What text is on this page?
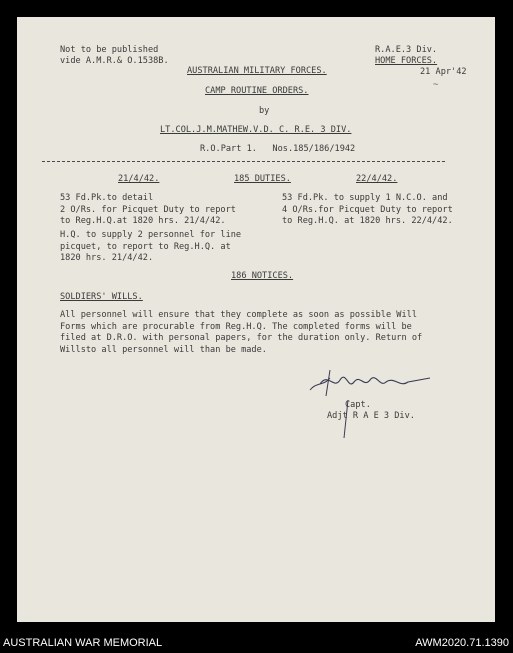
Not to be published
vide A.M.R.& O.1538B.
R.A.E.3 Div.
HOME FORCES.
21 Apr'42
AUSTRALIAN MILITARY FORCES.
CAMP ROUTINE ORDERS.
by
LT.COL.J.M.MATHEW.V.D. C. R.E. 3 DIV.
R.O.Part 1.   Nos.185/186/1942
21/4/42.	185 DUTIES.	22/4/42.
53 Fd.Pk.to detail
2 O/Rs. for Picquet Duty to report
to Reg.H.Q.at 1820 hrs. 21/4/42.
53 Fd.Pk. to supply 1 N.C.O. and
4 O/Rs.for Picquet Duty to report
to Reg.H.Q. at 1820 hrs. 22/4/42.
H.Q. to supply 2 personnel for line
picquet, to report to Reg.H.Q. at
1820 hrs. 21/4/42.
186 NOTICES.
SOLDIERS' WILLS.
All personnel will ensure that they complete as soon as possible Will
Forms which are procurable from Reg.H.Q. The completed forms will be
filed at D.R.O. with personal papers, for the duration only. Return of
Willsto all personnel will than be made.
Capt.
Adjt R A E 3 Div.
~
AUSTRALIAN WAR MEMORIAL	AWM2020.71.1390
